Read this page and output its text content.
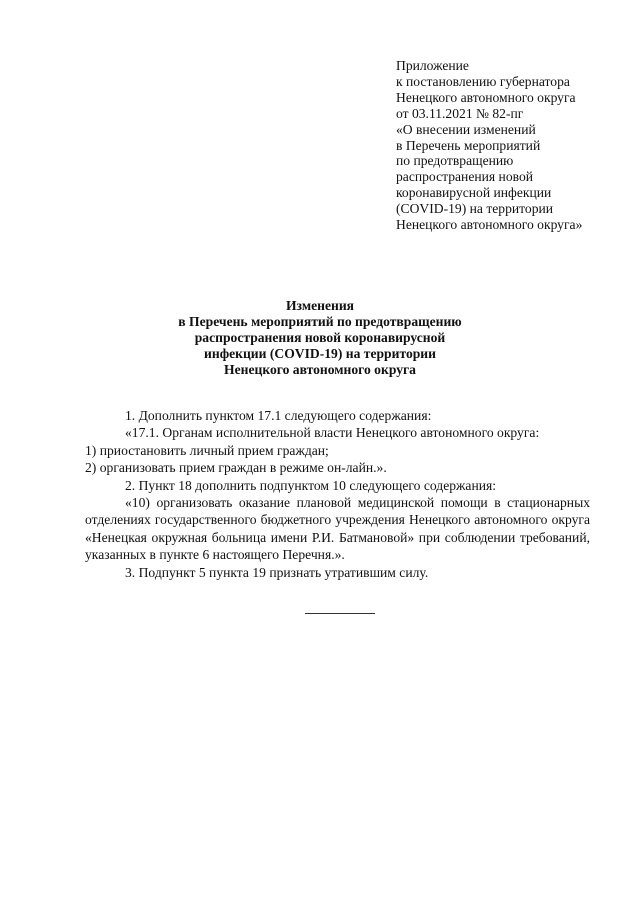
Приложение
к постановлению губернатора
Ненецкого автономного округа
от 03.11.2021 № 82-пг
«О внесении изменений
в Перечень мероприятий
по предотвращению
распространения новой
коронавирусной инфекции
(COVID-19) на территории
Ненецкого автономного округа»
Изменения
в Перечень мероприятий по предотвращению
распространения новой коронавирусной
инфекции (COVID-19) на территории
Ненецкого автономного округа

1. Дополнить пунктом 17.1 следующего содержания:

«17.1. Органам исполнительной власти Ненецкого автономного округа:

1) приостановить личный прием граждан;

2) организовать прием граждан в режиме он-лайн.».

2. Пункт 18 дополнить подпунктом 10 следующего содержания:

«10) организовать оказание плановой медицинской помощи в стационарных отделениях государственного бюджетного учреждения Ненецкого автономного округа «Ненецкая окружная больница имени Р.И. Батмановой» при соблюдении требований, указанных в пункте 6 настоящего Перечня.».

3. Подпункт 5 пункта 19 признать утратившим силу.
